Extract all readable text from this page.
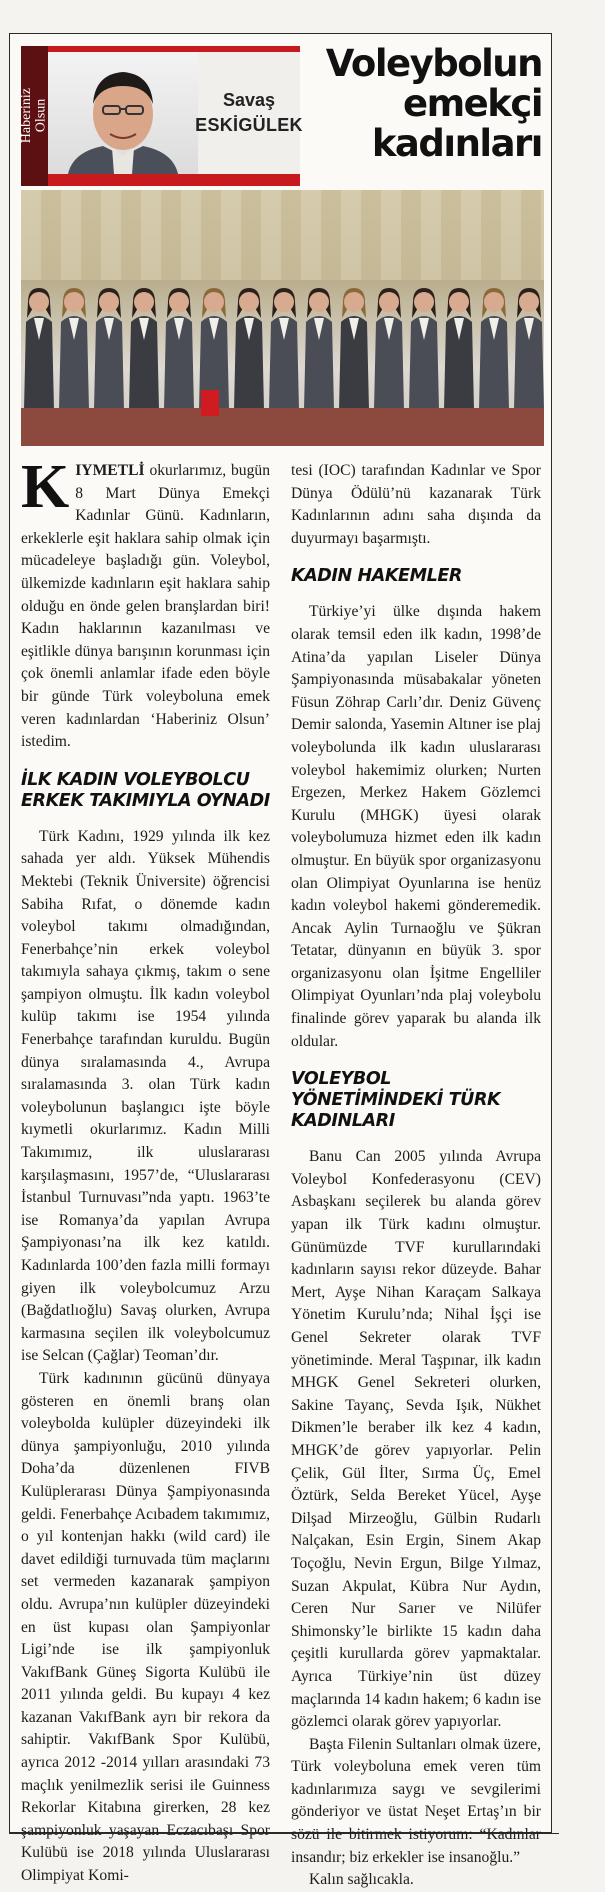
Haberiniz
Olsun	Savaş
ESKİGÜLEK
Voleybolun
emekçi
kadınları

KIYMETLİ okurlarımız, bugün 8 Mart Dünya Emekçi Kadınlar Günü. Kadınların, erkeklerle eşit haklara sahip olmak için mücadeleye başladığı gün. Voleybol, ülkemizde kadınların eşit haklara sahip olduğu en önde gelen branşlardan biri! Kadın haklarının kazanılması ve eşitlikle dünya barışının korunması için çok önemli anlamlar ifade eden böyle bir günde Türk voleyboluna emek veren kadınlardan ‘Haberiniz Olsun’ istedim.

İLK KADIN VOLEYBOLCU ERKEK TAKIMIYLA OYNADI

Türk Kadını, 1929 yılında ilk kez sahada yer aldı. Yüksek Mühendis Mektebi (Teknik Üniversite) öğrencisi Sabiha Rıfat, o dönemde kadın voleybol takımı olmadığından, Fenerbahçe’nin erkek voleybol takımıyla sahaya çıkmış, takım o sene şampiyon olmuştu. İlk kadın voleybol kulüp takımı ise 1954 yılında Fenerbahçe tarafından kuruldu. Bugün dünya sıralamasında 4., Avrupa sıralamasında 3. olan Türk kadın voleybolunun başlangıcı işte böyle kıymetli okurlarımız. Kadın Milli Takımımız, ilk uluslararası karşılaşmasını, 1957’de, “Uluslararası İstanbul Turnuvası”nda yaptı. 1963’te ise Romanya’da yapılan Avrupa Şampiyonası’na ilk kez katıldı. Kadınlarda 100’den fazla milli formayı giyen ilk voleybolcumuz Arzu (Bağdatlıoğlu) Savaş olurken, Avrupa karmasına seçilen ilk voleybolcumuz ise Selcan (Çağlar) Teoman’dır.

Türk kadınının gücünü dünyaya gösteren en önemli branş olan voleybolda kulüpler düzeyindeki ilk dünya şampiyonluğu, 2010 yılında Doha’da düzenlenen FIVB Kulüplerarası Dünya Şampiyonasında geldi. Fenerbahçe Acıbadem takımımız, o yıl kontenjan hakkı (wild card) ile davet edildiği turnuvada tüm maçlarını set vermeden kazanarak şampiyon oldu. Avrupa’nın kulüpler düzeyindeki en üst kupası olan Şampiyonlar Ligi’nde ise ilk şampiyonluk VakıfBank Güneş Sigorta Kulübü ile 2011 yılında geldi. Bu kupayı 4 kez kazanan VakıfBank ayrı bir rekora da sahiptir. VakıfBank Spor Kulübü, ayrıca 2012 -2014 yılları arasındaki 73 maçlık yenilmezlik serisi ile Guinness Rekorlar Kitabına girerken, 28 kez şampiyonluk yaşayan Eczacıbaşı Spor Kulübü ise 2018 yılında Uluslararası Olimpiyat Komi-

tesi (IOC) tarafından Kadınlar ve Spor Dünya Ödülü’nü kazanarak Türk Kadınlarının adını saha dışında da duyurmayı başarmıştı.

KADIN HAKEMLER

Türkiye’yi ülke dışında hakem olarak temsil eden ilk kadın, 1998’de Atina’da yapılan Liseler Dünya Şampiyonasında müsabakalar yöneten Füsun Zöhrap Carlı’dır. Deniz Güvenç Demir salonda, Yasemin Altıner ise plaj voleybolunda ilk kadın uluslararası voleybol hakemimiz olurken; Nurten Ergezen, Merkez Hakem Gözlemci Kurulu (MHGK) üyesi olarak voleybolumuza hizmet eden ilk kadın olmuştur. En büyük spor organizasyonu olan Olimpiyat Oyunlarına ise henüz kadın voleybol hakemi gönderemedik. Ancak Aylin Turnaoğlu ve Şükran Tetatar, dünyanın en büyük 3. spor organizasyonu olan İşitme Engelliler Olimpiyat Oyunları’nda plaj voleybolu finalinde görev yaparak bu alanda ilk oldular.

VOLEYBOL YÖNETİMİNDEKİ TÜRK KADINLARI

Banu Can 2005 yılında Avrupa Voleybol Konfederasyonu (CEV) Asbaşkanı seçilerek bu alanda görev yapan ilk Türk kadını olmuştur. Günümüzde TVF kurullarındaki kadınların sayısı rekor düzeyde. Bahar Mert, Ayşe Nihan Karaçam Salkaya Yönetim Kurulu’nda; Nihal İşçi ise Genel Sekreter olarak TVF yönetiminde. Meral Taşpınar, ilk kadın MHGK Genel Sekreteri olurken, Sakine Tayanç, Sevda Işık, Nükhet Dikmen’le beraber ilk kez 4 kadın, MHGK’de görev yapıyorlar. Pelin Çelik, Gül İlter, Sırma Üç, Emel Öztürk, Selda Bereket Yücel, Ayşe Dilşad Mirzeoğlu, Gülbin Rudarlı Nalçakan, Esin Ergin, Sinem Akap Toçoğlu, Nevin Ergun, Bilge Yılmaz, Suzan Akpulat, Kübra Nur Aydın, Ceren Nur Sarıer ve Nilüfer Shimonsky’le birlikte 15 kadın daha çeşitli kurullarda görev yapmaktalar. Ayrıca Türkiye’nin üst düzey maçlarında 14 kadın hakem; 6 kadın ise gözlemci olarak görev yapıyorlar.

Başta Filenin Sultanları olmak üzere, Türk voleyboluna emek veren tüm kadınlarımıza saygı ve sevgilerimi gönderiyor ve üstat Neşet Ertaş’ın bir sözü ile bitirmek istiyorum: “Kadınlar insandır; biz erkekler ise insanoğlu.”

Kalın sağlıcakla.
